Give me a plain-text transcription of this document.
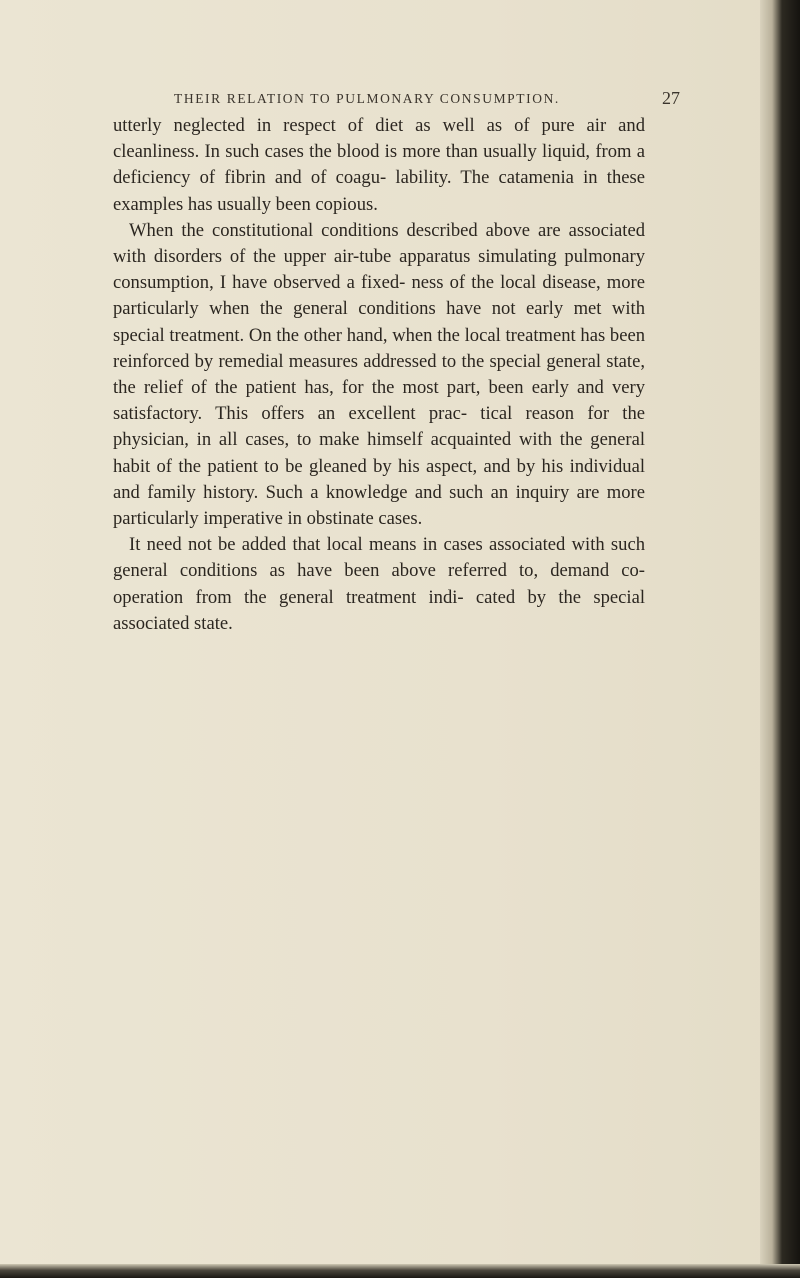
THEIR RELATION TO PULMONARY CONSUMPTION.	27

utterly neglected in respect of diet as well as of pure air and cleanliness. In such cases the blood is more than usually liquid, from a deficiency of fibrin and of coagu- lability. The catamenia in these examples has usually been copious.

When the constitutional conditions described above are associated with disorders of the upper air-tube apparatus simulating pulmonary consumption, I have observed a fixed- ness of the local disease, more particularly when the general conditions have not early met with special treatment. On the other hand, when the local treatment has been reinforced by remedial measures addressed to the special general state, the relief of the patient has, for the most part, been early and very satisfactory. This offers an excellent prac- tical reason for the physician, in all cases, to make himself acquainted with the general habit of the patient to be gleaned by his aspect, and by his individual and family history. Such a knowledge and such an inquiry are more particularly imperative in obstinate cases.

It need not be added that local means in cases associated with such general conditions as have been above referred to, demand co-operation from the general treatment indi- cated by the special associated state.
